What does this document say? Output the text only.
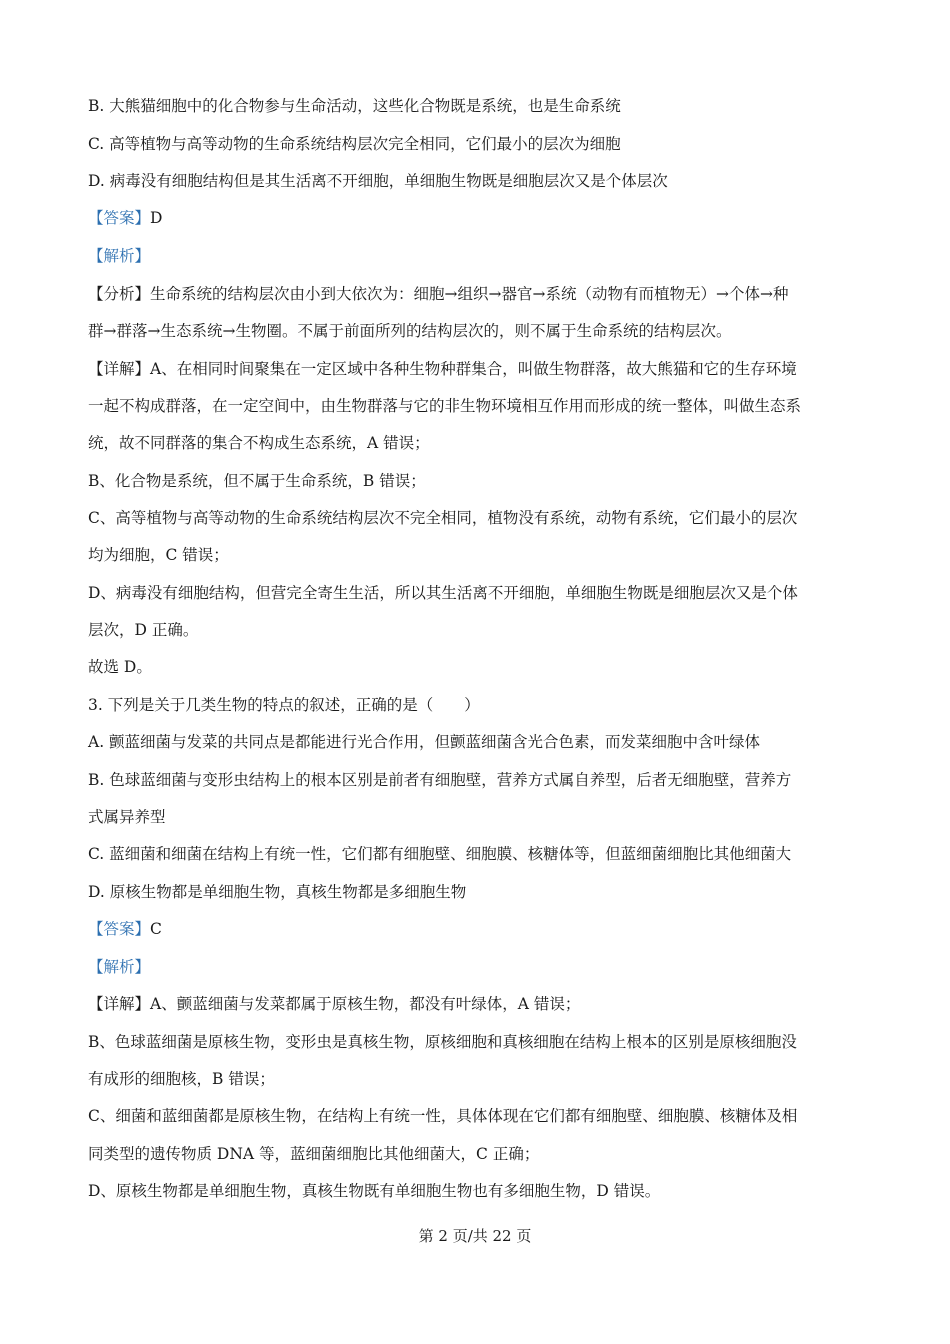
B. 大熊猫细胞中的化合物参与生命活动，这些化合物既是系统，也是生命系统
C. 高等植物与高等动物的生命系统结构层次完全相同，它们最小的层次为细胞
D. 病毒没有细胞结构但是其生活离不开细胞，单细胞生物既是细胞层次又是个体层次
【答案】D
【解析】
【分析】生命系统的结构层次由小到大依次为：细胞→组织→器官→系统（动物有而植物无）→个体→种
群→群落→生态系统→生物圈。不属于前面所列的结构层次的，则不属于生命系统的结构层次。
【详解】A、在相同时间聚集在一定区域中各种生物种群集合，叫做生物群落，故大熊猫和它的生存环境
一起不构成群落，在一定空间中，由生物群落与它的非生物环境相互作用而形成的统一整体，叫做生态系
统，故不同群落的集合不构成生态系统，A 错误；
B、化合物是系统，但不属于生命系统，B 错误；
C、高等植物与高等动物的生命系统结构层次不完全相同，植物没有系统，动物有系统，它们最小的层次
均为细胞，C 错误；
D、病毒没有细胞结构，但营完全寄生生活，所以其生活离不开细胞，单细胞生物既是细胞层次又是个体
层次，D 正确。
故选 D。
3. 下列是关于几类生物的特点的叙述，正确的是（　　）
A. 颤蓝细菌与发菜的共同点是都能进行光合作用，但颤蓝细菌含光合色素，而发菜细胞中含叶绿体
B. 色球蓝细菌与变形虫结构上的根本区别是前者有细胞壁，营养方式属自养型，后者无细胞壁，营养方
式属异养型
C. 蓝细菌和细菌在结构上有统一性，它们都有细胞壁、细胞膜、核糖体等，但蓝细菌细胞比其他细菌大
D. 原核生物都是单细胞生物，真核生物都是多细胞生物
【答案】C
【解析】
【详解】A、颤蓝细菌与发菜都属于原核生物，都没有叶绿体，A 错误；
B、色球蓝细菌是原核生物，变形虫是真核生物，原核细胞和真核细胞在结构上根本的区别是原核细胞没
有成形的细胞核，B 错误；
C、细菌和蓝细菌都是原核生物，在结构上有统一性，具体体现在它们都有细胞壁、细胞膜、核糖体及相
同类型的遗传物质 DNA 等，蓝细菌细胞比其他细菌大，C 正确；
D、原核生物都是单细胞生物，真核生物既有单细胞生物也有多细胞生物，D 错误。
第 2 页/共 22 页
